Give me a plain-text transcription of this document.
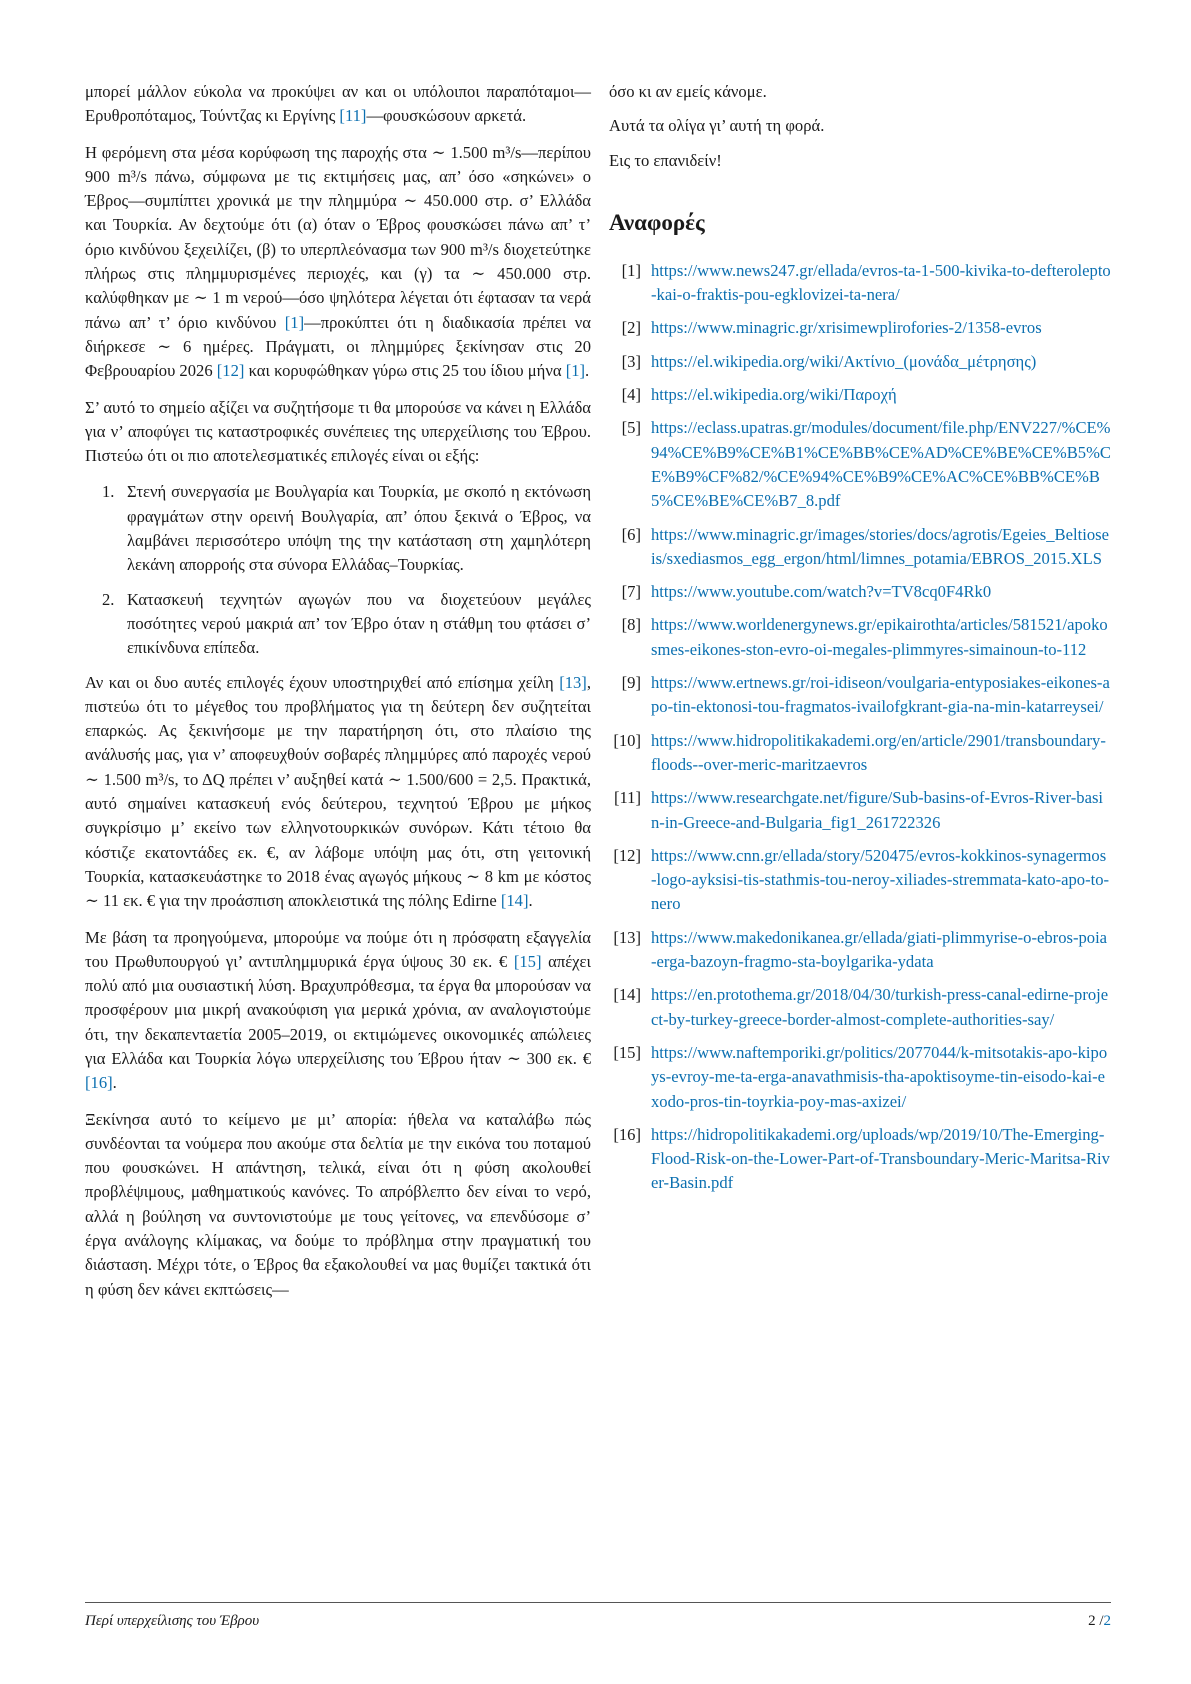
μπορεί μάλλον εύκολα να προκύψει αν και οι υπόλοιποι παραπόταμοι—Ερυθροπόταμος, Τούντζας κι Εργίνης [11]—φουσκώσουν αρκετά.

Η φερόμενη στα μέσα κορύφωση της παροχής στα ∼ 1.500 m³/s—περίπου 900 m³/s πάνω, σύμφωνα με τις εκτιμήσεις μας, απ’ όσο «σηκώνει» ο Έβρος—συμπίπτει χρονικά με την πλημμύρα ∼ 450.000 στρ. σ’ Ελλάδα και Τουρκία. Αν δεχτούμε ότι (α) όταν ο Έβρος φουσκώσει πάνω απ’ τ’ όριο κινδύνου ξεχειλίζει, (β) το υπερπλεόνασμα των 900 m³/s διοχετεύτηκε πλήρως στις πλημμυρισμένες περιοχές, και (γ) τα ∼ 450.000 στρ. καλύφθηκαν με ∼ 1 m νερού—όσο ψηλότερα λέγεται ότι έφτασαν τα νερά πάνω απ’ τ’ όριο κινδύνου [1]—προκύπτει ότι η διαδικασία πρέπει να διήρκεσε ∼ 6 ημέρες. Πράγματι, οι πλημμύρες ξεκίνησαν στις 20 Φεβρουαρίου 2026 [12] και κορυφώθηκαν γύρω στις 25 του ίδιου μήνα [1].

Σ’ αυτό το σημείο αξίζει να συζητήσομε τι θα μπορούσε να κάνει η Ελλάδα για ν’ αποφύγει τις καταστροφικές συνέπειες της υπερχείλισης του Έβρου. Πιστεύω ότι οι πιο αποτελεσματικές επιλογές είναι οι εξής:

1. Στενή συνεργασία με Βουλγαρία και Τουρκία, με σκοπό η εκτόνωση φραγμάτων στην ορεινή Βουλγαρία, απ’ όπου ξεκινά ο Έβρος, να λαμβάνει περισσότερο υπόψη της την κατάσταση στη χαμηλότερη λεκάνη απορροής στα σύνορα Ελλάδας–Τουρκίας.
2. Κατασκευή τεχνητών αγωγών που να διοχετεύουν μεγάλες ποσότητες νερού μακριά απ’ τον Έβρο όταν η στάθμη του φτάσει σ’ επικίνδυνα επίπεδα.

Αν και οι δυο αυτές επιλογές έχουν υποστηριχθεί από επίσημα χείλη [13], πιστεύω ότι το μέγεθος του προβλήματος για τη δεύτερη δεν συζητείται επαρκώς. Ας ξεκινήσομε με την παρατήρηση ότι, στο πλαίσιο της ανάλυσής μας, για ν’ αποφευχθούν σοβαρές πλημμύρες από παροχές νερού ∼ 1.500 m³/s, το ΔQ πρέπει ν’ αυξηθεί κατά ∼ 1.500/600 = 2,5. Πρακτικά, αυτό σημαίνει κατασκευή ενός δεύτερου, τεχνητού Έβρου με μήκος συγκρίσιμο μ’ εκείνο των ελληνοτουρκικών συνόρων. Κάτι τέτοιο θα κόστιζε εκατοντάδες εκ. €, αν λάβομε υπόψη μας ότι, στη γειτονική Τουρκία, κατασκευάστηκε το 2018 ένας αγωγός μήκους ∼ 8 km με κόστος ∼ 11 εκ. € για την προάσπιση αποκλειστικά της πόλης Edirne [14].

Με βάση τα προηγούμενα, μπορούμε να πούμε ότι η πρόσφατη εξαγγελία του Πρωθυπουργού γι’ αντιπλημμυρικά έργα ύψους 30 εκ. € [15] απέχει πολύ από μια ουσιαστική λύση. Βραχυπρόθεσμα, τα έργα θα μπορούσαν να προσφέρουν μια μικρή ανακούφιση για μερικά χρόνια, αν αναλογιστούμε ότι, την δεκαπενταετία 2005–2019, οι εκτιμώμενες οικονομικές απώλειες για Ελλάδα και Τουρκία λόγω υπερχείλισης του Έβρου ήταν ∼ 300 εκ. € [16].

Ξεκίνησα αυτό το κείμενο με μι’ απορία: ήθελα να καταλάβω πώς συνδέονται τα νούμερα που ακούμε στα δελτία με την εικόνα του ποταμού που φουσκώνει. Η απάντηση, τελικά, είναι ότι η φύση ακολουθεί προβλέψιμους, μαθηματικούς κανόνες. Το απρόβλεπτο δεν είναι το νερό, αλλά η βούληση να συντονιστούμε με τους γείτονες, να επενδύσομε σ’ έργα ανάλογης κλίμακας, να δούμε το πρόβλημα στην πραγματική του διάσταση. Μέχρι τότε, ο Έβρος θα εξακολουθεί να μας θυμίζει τακτικά ότι η φύση δεν κάνει εκπτώσεις—

όσο κι αν εμείς κάνομε.

Αυτά τα ολίγα γι’ αυτή τη φορά.

Εις το επανιδείν!

Αναφορές
[1] https://www.news247.gr/ellada/evros-ta-1-500-kivika-to-defterolepto-kai-o-fraktis-pou-egklovizei-ta-nera/
[2] https://www.minagric.gr/xrisimewplirofories-2/1358-evros
[3] https://el.wikipedia.org/wiki/Ακτίνιο_(μονάδα_μέτρησης)
[4] https://el.wikipedia.org/wiki/Παροχή
[5] https://eclass.upatras.gr/modules/document/file.php/ENV227/%CE%94%CE%B9%CE%B1%CE%BB%CE%AD%CE%BE%CE%B5%CE%B9%CF%82/%CE%94%CE%B9%CE%AC%CE%BB%CE%B5%CE%BE%CE%B7_8.pdf
[6] https://www.minagric.gr/images/stories/docs/agrotis/Egeies_Beltioseis/sxediasmos_egg_ergon/html/limnes_potamia/EBROS_2015.XLS
[7] https://www.youtube.com/watch?v=TV8cq0F4Rk0
[8] https://www.worldenergynews.gr/epikairothta/articles/581521/apokosmes-eikones-ston-evro-oi-megales-plimmyres-simainoun-to-112
[9] https://www.ertnews.gr/roi-idiseon/voulgaria-entyposiakes-eikones-apo-tin-ektonosi-tou-fragmatos-ivailofgkrant-gia-na-min-katarreysei/
[10] https://www.hidropolitikakademi.org/en/article/2901/transboundary-floods--over-meric-maritzaevros
[11] https://www.researchgate.net/figure/Sub-basins-of-Evros-River-basin-in-Greece-and-Bulgaria_fig1_261722326
[12] https://www.cnn.gr/ellada/story/520475/evros-kokkinos-synagermos-logo-ayksisi-tis-stathmis-tou-neroy-xiliades-stremmata-kato-apo-to-nero
[13] https://www.makedonikanea.gr/ellada/giati-plimmyrise-o-ebros-poia-erga-bazoyn-fragmo-sta-boylgarika-ydata
[14] https://en.protothema.gr/2018/04/30/turkish-press-canal-edirne-project-by-turkey-greece-border-almost-complete-authorities-say/
[15] https://www.naftemporiki.gr/politics/2077044/k-mitsotakis-apo-kipoys-evroy-me-ta-erga-anavathmisis-tha-apoktisoyme-tin-eisodo-kai-exodo-pros-tin-toyrkia-poy-mas-axizei/
[16] https://hidropolitikakademi.org/uploads/wp/2019/10/The-Emerging-Flood-Risk-on-the-Lower-Part-of-Transboundary-Meric-Maritsa-River-Basin.pdf
Περί υπερχείλισης του Έβρου	2 /2
